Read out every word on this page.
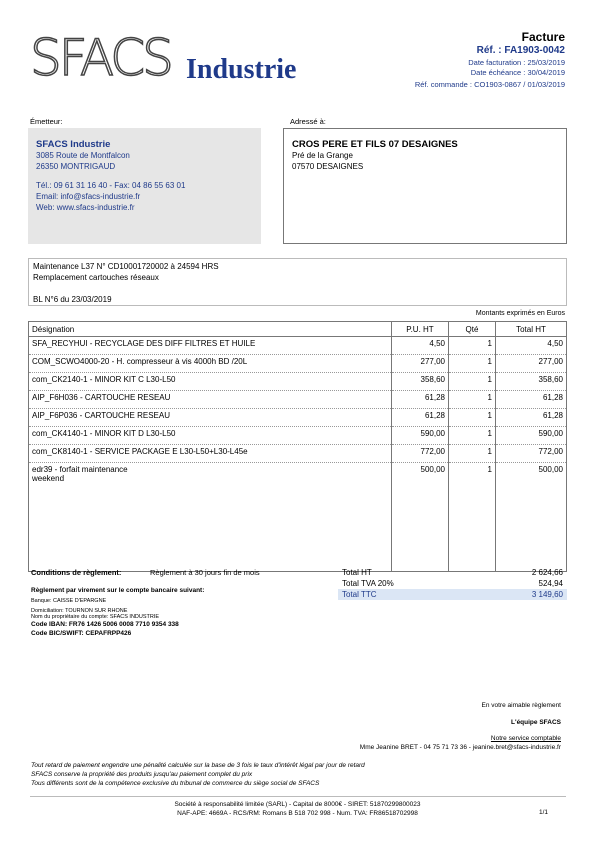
SFACS Industrie
Facture
Réf. : FA1903-0042
Date facturation : 25/03/2019
Date échéance : 30/04/2019
Réf. commande : CO1903-0867 / 01/03/2019
Émetteur:
SFACS Industrie
3085 Route de Montfalcon
26350 MONTRIGAUD
Tél.: 09 61 31 16 40 - Fax: 04 86 55 63 01
Email: info@sfacs-industrie.fr
Web: www.sfacs-industrie.fr
Adressé à:
CROS PERE ET FILS 07 DESAIGNES
Pré de la Grange
07570 DESAIGNES
Maintenance L37 N° CD10001720002 à 24594 HRS
Remplacement cartouches réseaux
BL N°6 du 23/03/2019
Montants exprimés en Euros
Désignation	P.U. HT	Qté	Total HT
SFA_RECYHUI - RECYCLAGE DES DIFF FILTRES ET HUILE	4,50	1	4,50
COM_SCWO4000-20 - H. compresseur à vis 4000h BD /20L	277,00	1	277,00
com_CK2140-1 - MINOR KIT C L30-L50	358,60	1	358,60
AIP_F6H036 - CARTOUCHE RESEAU	61,28	1	61,28
AIP_F6P036 - CARTOUCHE RESEAU	61,28	1	61,28
com_CK4140-1 - MINOR KIT D L30-L50	590,00	1	590,00
com_CK8140-1 - SERVICE PACKAGE E L30-L50+L30-L45e	772,00	1	772,00

edr39 - forfait maintenance
weekend	500,00	1	500,00
Conditions de règlement:	Règlement à 30 jours fin de mois
Règlement par virement sur le compte bancaire suivant:
Banque: CAISSE D'EPARGNE
Domiciliation: TOURNON SUR RHONE
Nom du propriétaire du compte: SFACS INDUSTRIE
Code IBAN: FR76 1426 5006 0008 7710 9354 338
Code BIC/SWIFT: CEPAFRPP426
Total HT	2 624,66
Total TVA 20%	524,94
Total TTC	3 149,60
En votre aimable règlement
L'équipe SFACS
Notre service comptable
Mme Jeanine BRET - 04 75 71 73 36 - jeanine.bret@sfacs-industrie.fr
Tout retard de paiement engendre une pénalité calculée sur la base de 3 fois le taux d'intérêt légal par jour de retard
SFACS conserve la propriété des produits jusqu'au paiement complet du prix
Tous différents sont de la compétence exclusive du tribunal de commerce du siège social de SFACS
Société à responsabilité limitée (SARL) - Capital de 8000€ - SIRET: 51870299800023
NAF-APE: 4669A - RCS/RM: Romans B 518 702 998 - Num. TVA: FR86518702998	1/1
